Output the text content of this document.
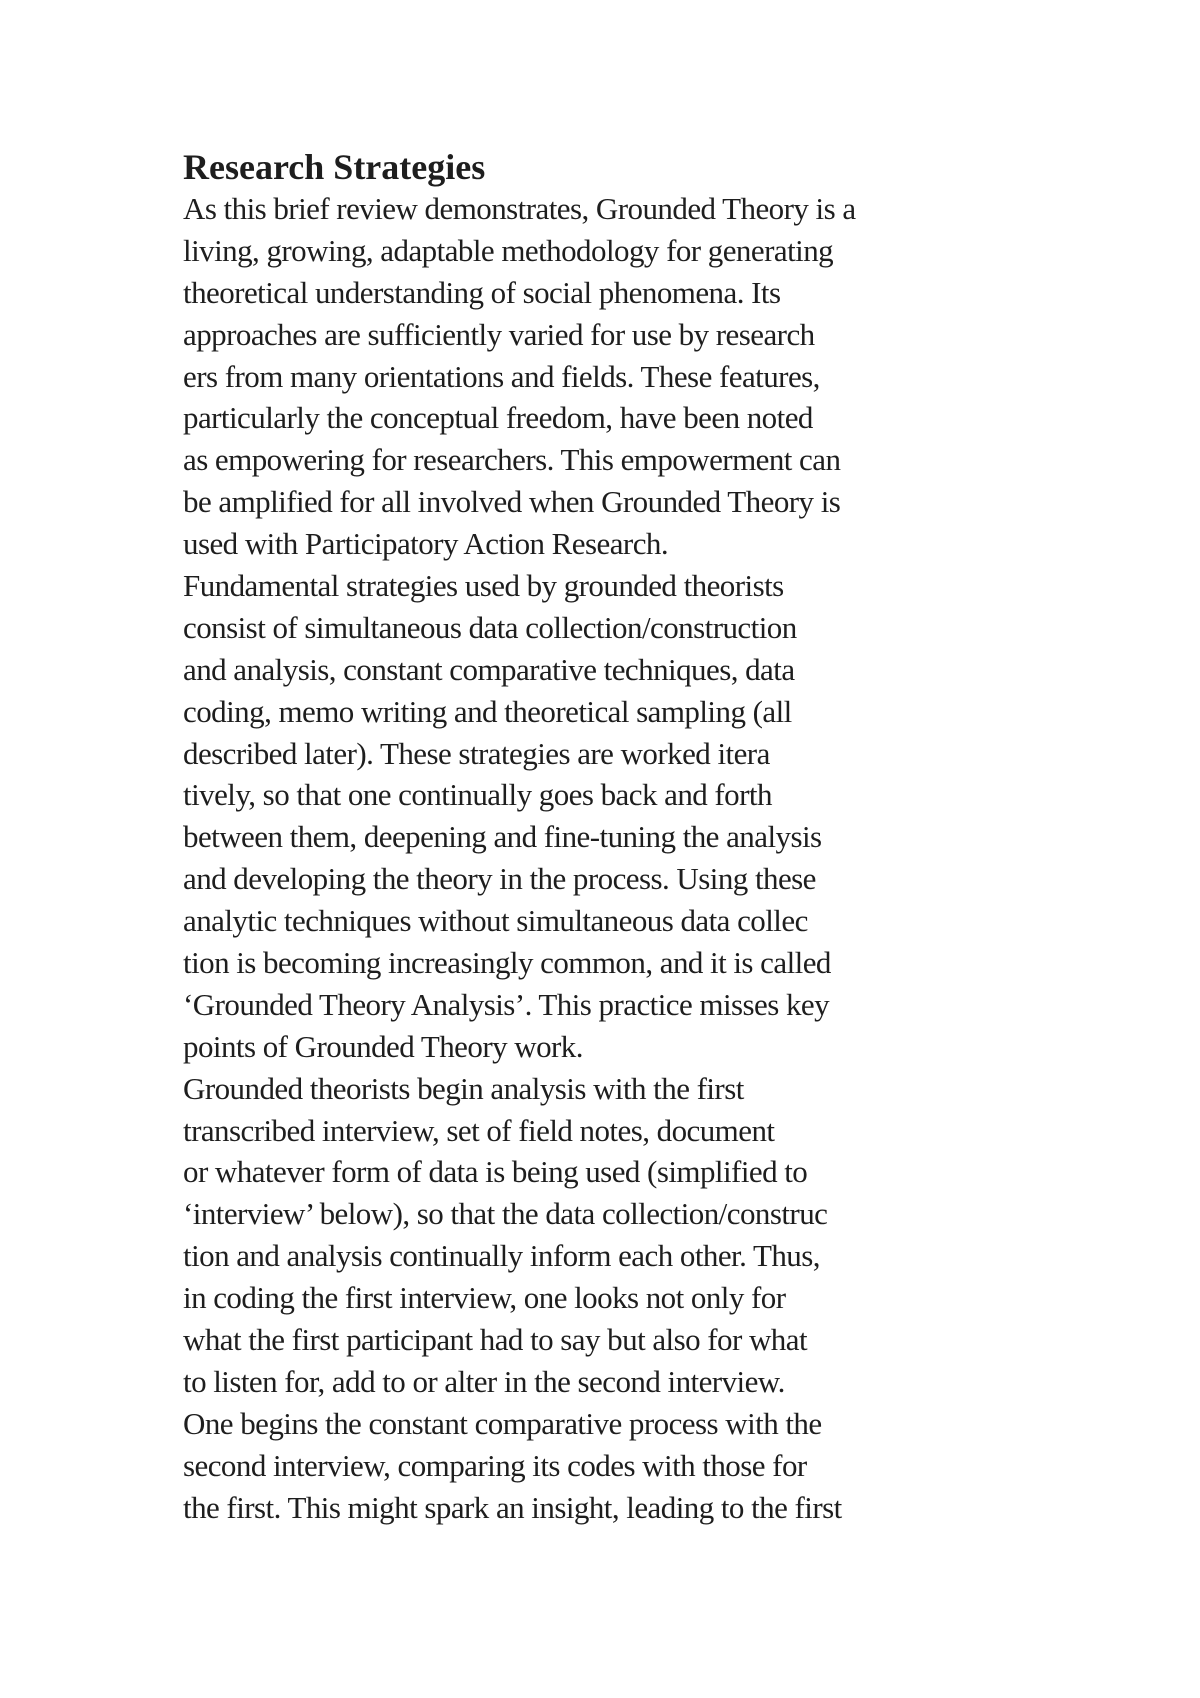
Research Strategies
As this brief review demonstrates, Grounded Theory is a
living, growing, adaptable methodology for generating
theoretical understanding of social phenomena. Its
approaches are sufficiently varied for use by research
ers from many orientations and fields. These features,
particularly the conceptual freedom, have been noted
as empowering for researchers. This empowerment can
be amplified for all involved when Grounded Theory is
used with Participatory Action Research.
Fundamental strategies used by grounded theorists
consist of simultaneous data collection/construction
and analysis, constant comparative techniques, data
coding, memo writing and theoretical sampling (all
described later). These strategies are worked itera
tively, so that one continually goes back and forth
between them, deepening and fine-tuning the analysis
and developing the theory in the process. Using these
analytic techniques without simultaneous data collec
tion is becoming increasingly common, and it is called
‘Grounded Theory Analysis’. This practice misses key
points of Grounded Theory work.
Grounded theorists begin analysis with the first
transcribed interview, set of field notes, document
or whatever form of data is being used (simplified to
‘interview’ below), so that the data collection/construc
tion and analysis continually inform each other. Thus,
in coding the first interview, one looks not only for
what the first participant had to say but also for what
to listen for, add to or alter in the second interview.
One begins the constant comparative process with the
second interview, comparing its codes with those for
the first. This might spark an insight, leading to the first
